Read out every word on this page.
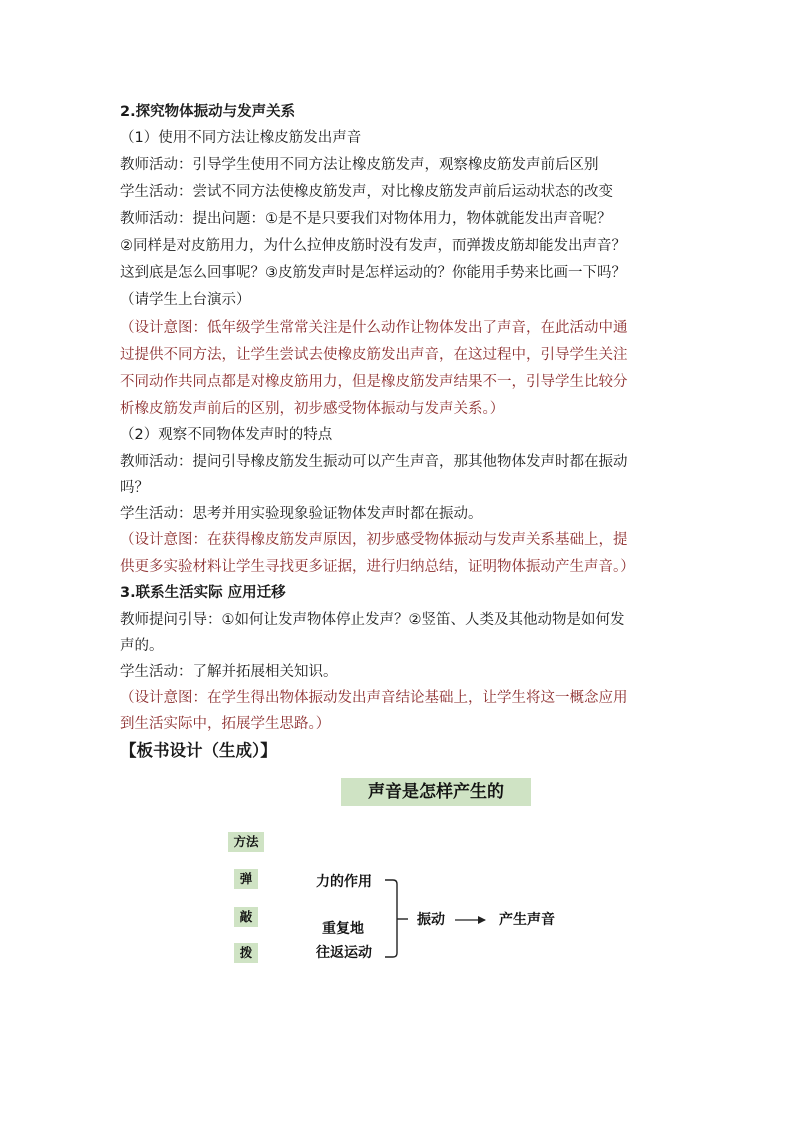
2.探究物体振动与发声关系
（1）使用不同方法让橡皮筋发出声音
教师活动：引导学生使用不同方法让橡皮筋发声，观察橡皮筋发声前后区别
学生活动：尝试不同方法使橡皮筋发声，对比橡皮筋发声前后运动状态的改变
教师活动：提出问题：①是不是只要我们对物体用力，物体就能发出声音呢？
②同样是对皮筋用力，为什么拉伸皮筋时没有发声，而弹拨皮筋却能发出声音？
这到底是怎么回事呢？③皮筋发声时是怎样运动的？你能用手势来比画一下吗？
（请学生上台演示）
（设计意图：低年级学生常常关注是什么动作让物体发出了声音，在此活动中通
过提供不同方法，让学生尝试去使橡皮筋发出声音，在这过程中，引导学生关注
不同动作共同点都是对橡皮筋用力，但是橡皮筋发声结果不一，引导学生比较分
析橡皮筋发声前后的区别，初步感受物体振动与发声关系。）
（2）观察不同物体发声时的特点
教师活动：提问引导橡皮筋发生振动可以产生声音，那其他物体发声时都在振动
吗？
学生活动：思考并用实验现象验证物体发声时都在振动。
（设计意图：在获得橡皮筋发声原因，初步感受物体振动与发声关系基础上，提
供更多实验材料让学生寻找更多证据，进行归纳总结，证明物体振动产生声音。）
3.联系生活实际 应用迁移
教师提问引导：①如何让发声物体停止发声？②竖笛、人类及其他动物是如何发
声的。
学生活动：了解并拓展相关知识。
（设计意图：在学生得出物体振动发出声音结论基础上，让学生将这一概念应用
到生活实际中，拓展学生思路。）
【板书设计（生成）】
声音是怎样产生的
方法
弹
敲
拨
力的作用
重复地
往返运动
振动	产生声音
